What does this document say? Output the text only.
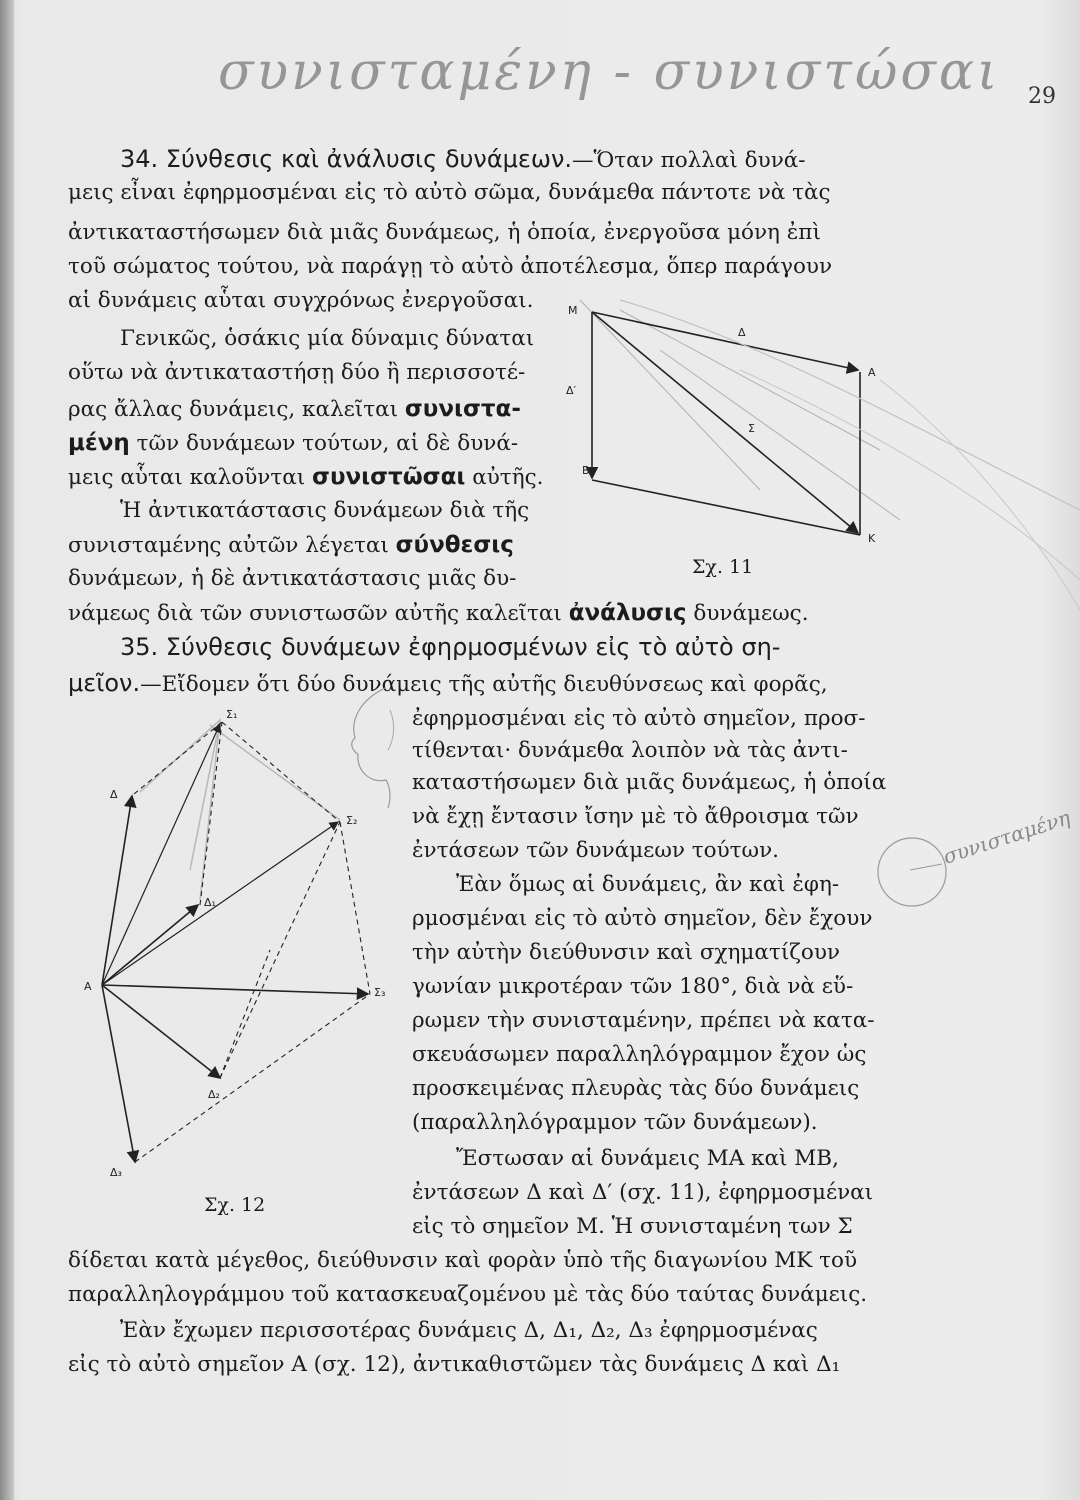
συνισταμένη - συνιστώσαι 29
34. Σύνθεσις καὶ ἀνάλυσις δυνάμεων.—Ὅταν πολλαὶ δυνά-
μεις εἶναι ἐφηρμοσμέναι εἰς τὸ αὐτὸ σῶμα, δυνάμεθα πάντοτε νὰ τὰς
ἀντικαταστήσωμεν διὰ μιᾶς δυνάμεως, ἡ ὁποία, ἐνεργοῦσα μόνη ἐπὶ
τοῦ σώματος τούτου, νὰ παράγῃ τὸ αὐτὸ ἀποτέλεσμα, ὅπερ παράγουν
αἱ δυνάμεις αὗται συγχρόνως ἐνεργοῦσαι.
Γενικῶς, ὁσάκις μία δύναμις δύναται
οὕτω νὰ ἀντικαταστήσῃ δύο ἢ περισσοτέ-
ρας ἄλλας δυνάμεις, καλεῖται συνιστα-
μένη τῶν δυνάμεων τούτων, αἱ δὲ δυνά-
μεις αὗται καλοῦνται συνιστῶσαι αὐτῆς.
Ἡ ἀντικατάστασις δυνάμεων διὰ τῆς
συνισταμένης αὐτῶν λέγεται σύνθεσις
δυνάμεων, ἡ δὲ ἀντικατάστασις μιᾶς δυ-
νάμεως διὰ τῶν συνιστωσῶν αὐτῆς καλεῖται ἀνάλυσις δυνάμεως.
35. Σύνθεσις δυνάμεων ἐφηρμοσμένων εἰς τὸ αὐτὸ ση-
μεῖον.—Εἴδομεν ὅτι δύο δυνάμεις τῆς αὐτῆς διευθύνσεως καὶ φορᾶς,
ἐφηρμοσμέναι εἰς τὸ αὐτὸ σημεῖον, προσ-
τίθενται· δυνάμεθα λοιπὸν νὰ τὰς ἀντι-
καταστήσωμεν διὰ μιᾶς δυνάμεως, ἡ ὁποία
νὰ ἔχῃ ἔντασιν ἴσην μὲ τὸ ἄθροισμα τῶν
ἐντάσεων τῶν δυνάμεων τούτων.
Ἐὰν ὅμως αἱ δυνάμεις, ἂν καὶ ἐφη-
ρμοσμέναι εἰς τὸ αὐτὸ σημεῖον, δὲν ἔχουν
τὴν αὐτὴν διεύθυνσιν καὶ σχηματίζουν
γωνίαν μικροτέραν τῶν 180°, διὰ νὰ εὕ-
ρωμεν τὴν συνισταμένην, πρέπει νὰ κατα-
σκευάσωμεν παραλληλόγραμμον ἔχον ὡς
προσκειμένας πλευρὰς τὰς δύο δυνάμεις
(παραλληλόγραμμον τῶν δυνάμεων).
Ἔστωσαν αἱ δυνάμεις ΜΑ καὶ ΜΒ,
ἐντάσεων Δ καὶ Δ′ (σχ. 11), ἐφηρμοσμέναι
εἰς τὸ σημεῖον Μ. Ἡ συνισταμένη των Σ
δίδεται κατὰ μέγεθος, διεύθυνσιν καὶ φορὰν ὑπὸ τῆς διαγωνίου ΜΚ τοῦ
παραλληλογράμμου τοῦ κατασκευαζομένου μὲ τὰς δύο ταύτας δυνάμεις.
Ἐὰν ἔχωμεν περισσοτέρας δυνάμεις Δ, Δ₁, Δ₂, Δ₃ ἐφηρμοσμένας
εἰς τὸ αὐτὸ σημεῖον Α (σχ. 12), ἀντικαθιστῶμεν τὰς δυνάμεις Δ καὶ Δ₁
Μ
Α
Β
Κ
Δ
Δ′
Σ
Σχ. 11
Α
Δ
Δ₁
Δ₂
Δ₃
Σ₁
Σ₂
Σ₃
Σχ. 12
συνισταμένη
